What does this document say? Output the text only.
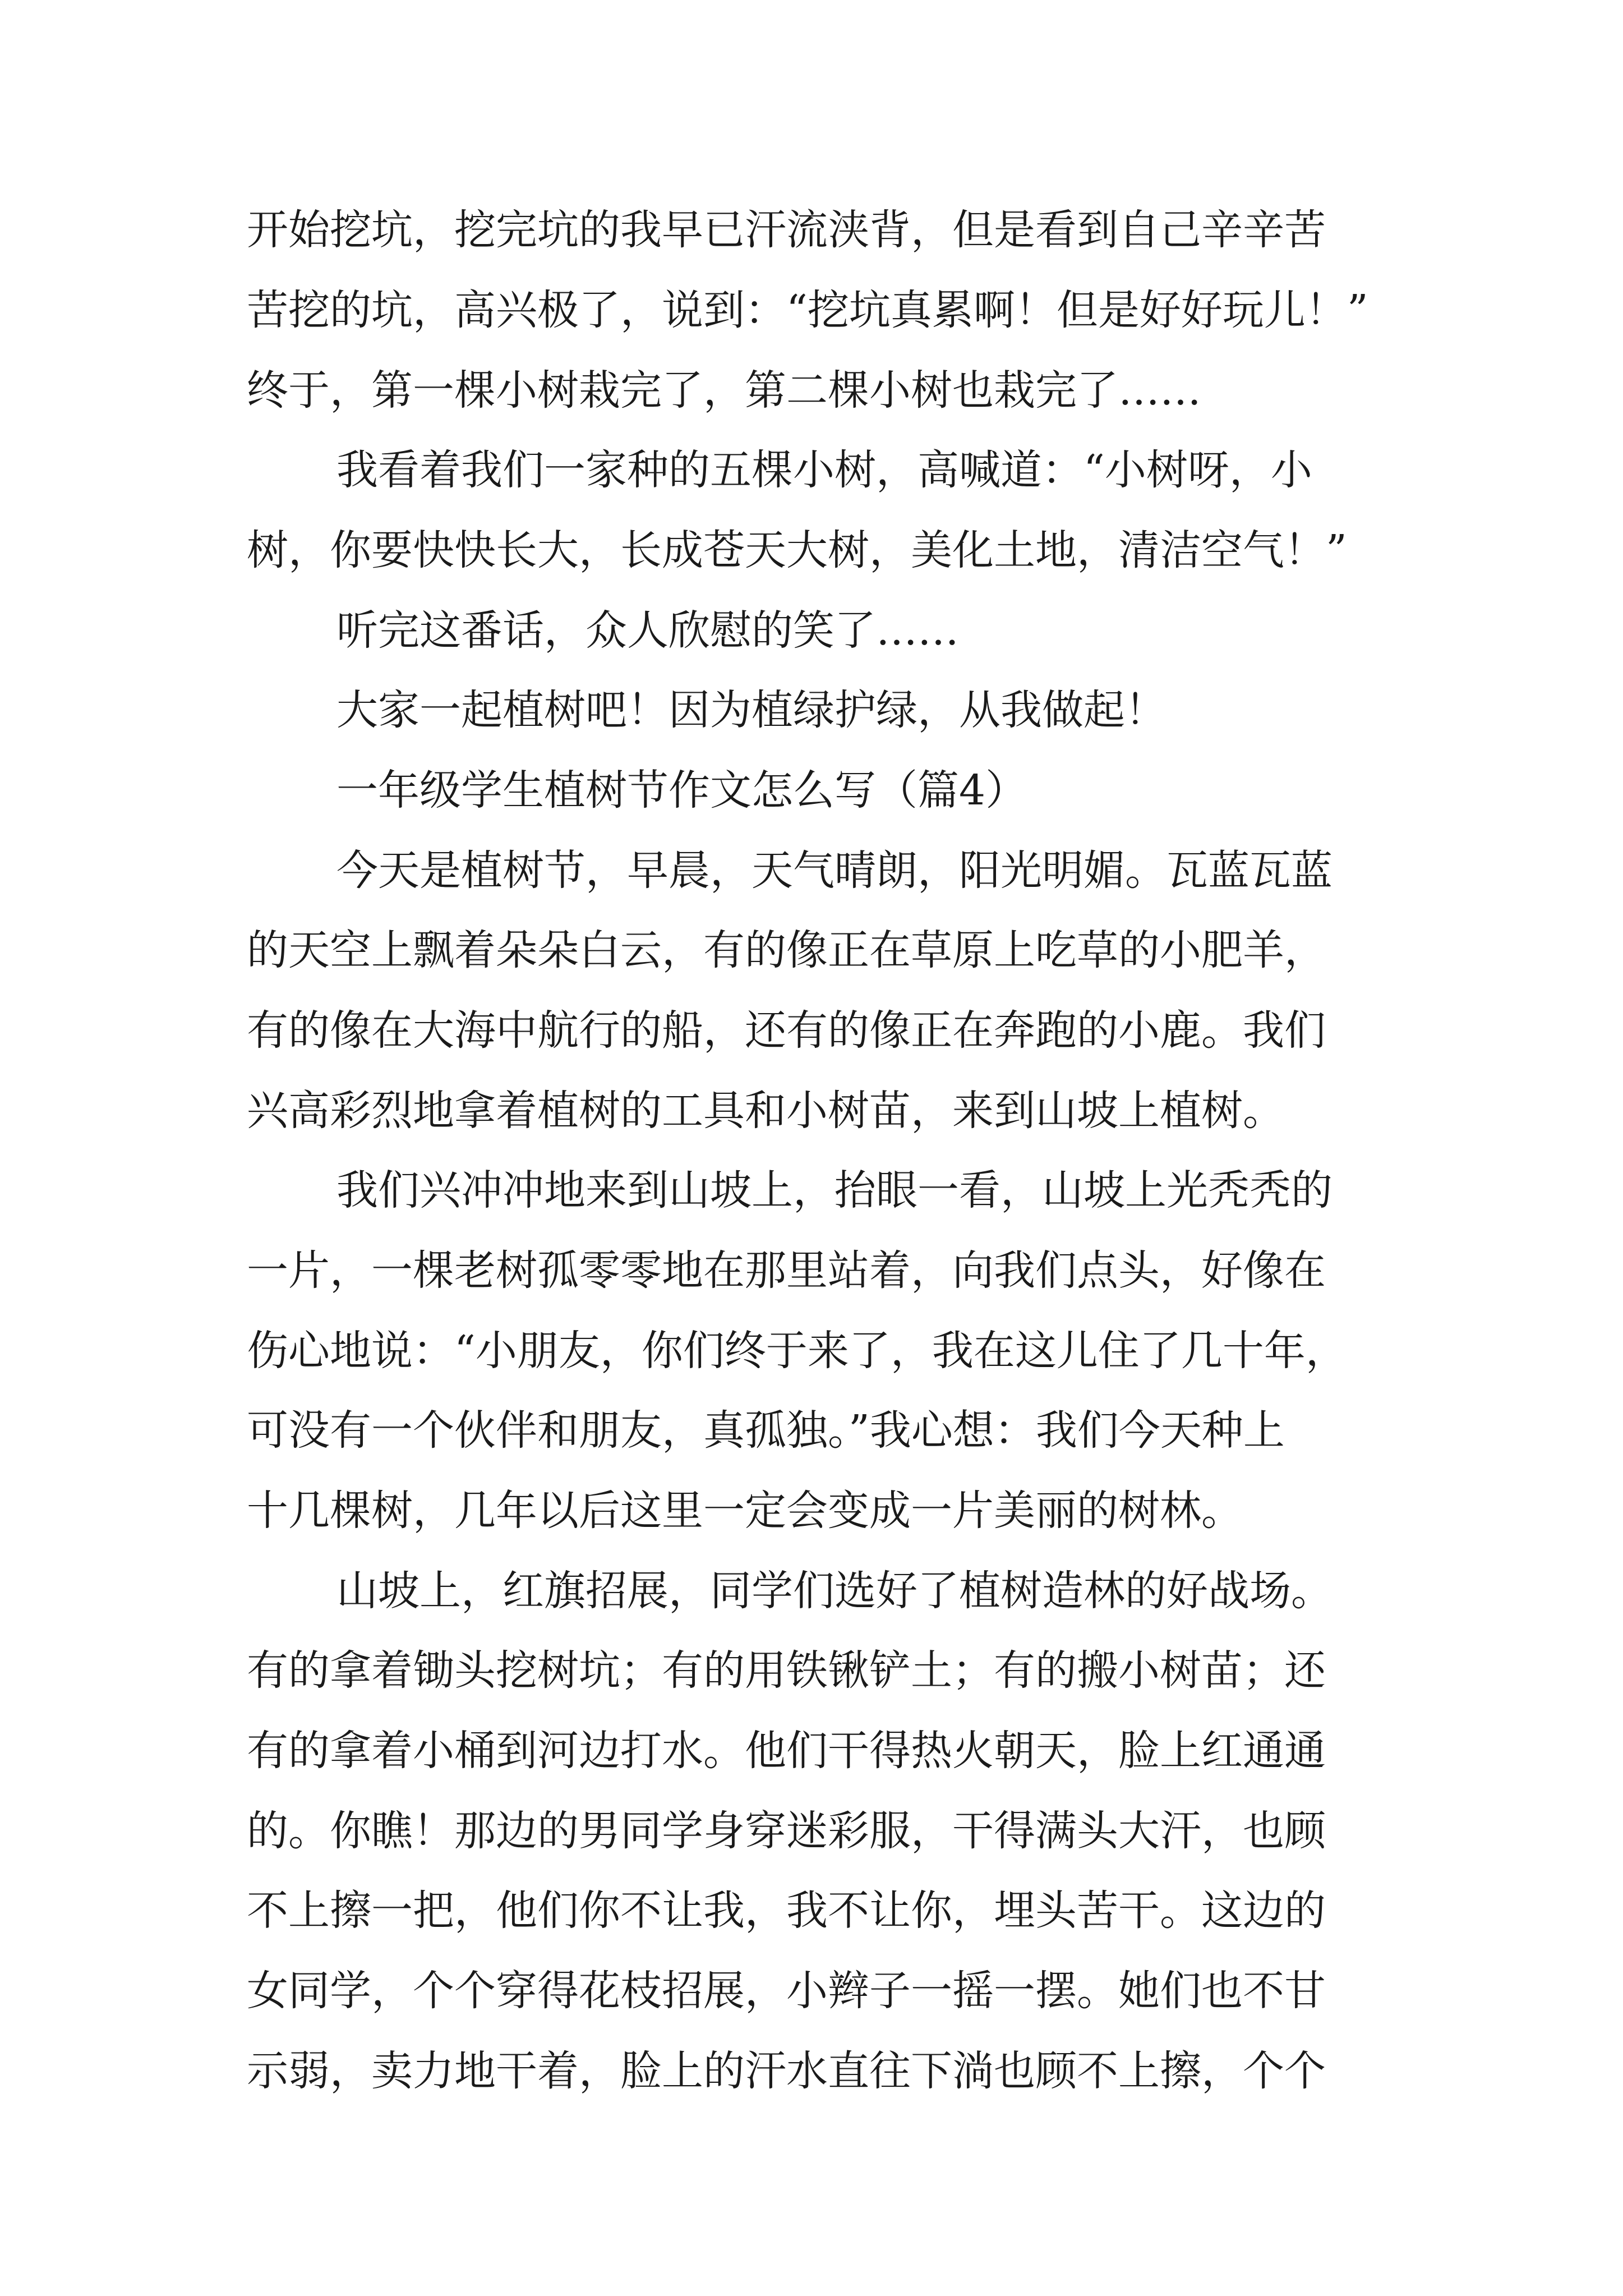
开始挖坑，挖完坑的我早已汗流浃背，但是看到自己辛辛苦
苦挖的坑，高兴极了，说到：“挖坑真累啊！但是好好玩儿！”
终于，第一棵小树栽完了，第二棵小树也栽完了……
我看着我们一家种的五棵小树，高喊道：“小树呀，小
树，你要快快长大，长成苍天大树，美化土地，清洁空气！”
听完这番话，众人欣慰的笑了……
大家一起植树吧！因为植绿护绿，从我做起！
一年级学生植树节作文怎么写（篇4）
今天是植树节，早晨，天气晴朗，阳光明媚。瓦蓝瓦蓝
的天空上飘着朵朵白云，有的像正在草原上吃草的小肥羊，
有的像在大海中航行的船，还有的像正在奔跑的小鹿。我们
兴高彩烈地拿着植树的工具和小树苗，来到山坡上植树。
我们兴冲冲地来到山坡上，抬眼一看，山坡上光秃秃的
一片，一棵老树孤零零地在那里站着，向我们点头，好像在
伤心地说：“小朋友，你们终于来了，我在这儿住了几十年，
可没有一个伙伴和朋友，真孤独。”我心想：我们今天种上
十几棵树，几年以后这里一定会变成一片美丽的树林。
山坡上，红旗招展，同学们选好了植树造林的好战场。
有的拿着锄头挖树坑；有的用铁锹铲土；有的搬小树苗；还
有的拿着小桶到河边打水。他们干得热火朝天，脸上红通通
的。你瞧！那边的男同学身穿迷彩服，干得满头大汗，也顾
不上擦一把，他们你不让我，我不让你，埋头苦干。这边的
女同学，个个穿得花枝招展，小辫子一摇一摆。她们也不甘
示弱，卖力地干着，脸上的汗水直往下淌也顾不上擦，个个
